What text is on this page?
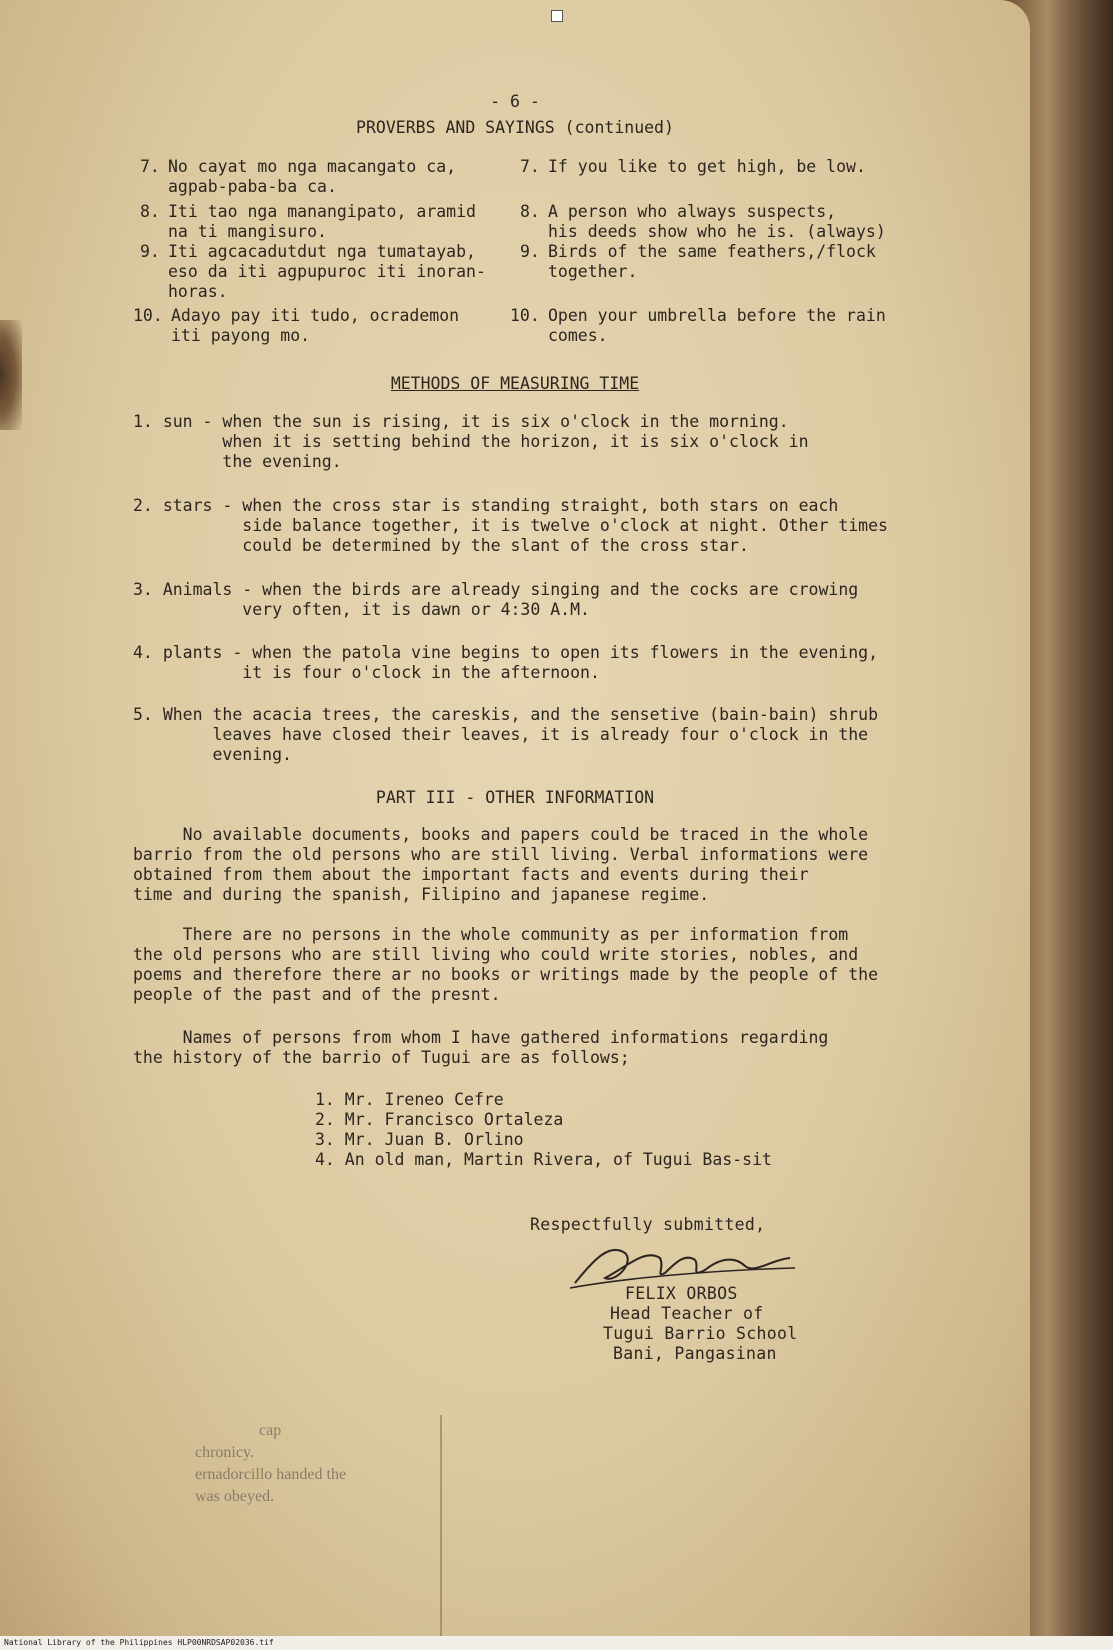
- 6 -
PROVERBS AND SAYINGS (continued)
7. No cayat mo nga macangato ca,
agpab-paba-ba ca.
8. Iti tao nga manangipato, aramid
na ti mangisuro.
9. Iti agcacadutdut nga tumatayab,
eso da iti agpupuroc iti inoran-
horas.
10. Adayo pay iti tudo, ocrademon
iti payong mo.
7. If you like to get high, be low.
8. A person who always suspects,
his deeds show who he is. (always)
9. Birds of the same feathers,/flock
together.
10. Open your umbrella before the rain
comes.
METHODS OF MEASURING TIME
1. sun - when the sun is rising, it is six o'clock in the morning.
when it is setting behind the horizon, it is six o'clock in
the evening.
2. stars - when the cross star is standing straight, both stars on each
side balance together, it is twelve o'clock at night. Other times
could be determined by the slant of the cross star.
3. Animals - when the birds are already singing and the cocks are crowing
very often, it is dawn or 4:30 A.M.
4. plants - when the patola vine begins to open its flowers in the evening,
it is four o'clock in the afternoon.
5. When the acacia trees, the careskis, and the sensetive (bain-bain) shrub
leaves have closed their leaves, it is already four o'clock in the
evening.
PART III - OTHER INFORMATION
No available documents, books and papers could be traced in the whole
barrio from the old persons who are still living. Verbal informations were
obtained from them about the important facts and events during their
time and during the spanish, Filipino and japanese regime.
There are no persons in the whole community as per information from
the old persons who are still living who could write stories, nobles, and
poems and therefore there ar no books or writings made by the people of the
people of the past and of the presnt.
Names of persons from whom I have gathered informations regarding
the history of the barrio of Tugui are as follows;
1. Mr. Ireneo Cefre
2. Mr. Francisco Ortaleza
3. Mr. Juan B. Orlino
4. An old man, Martin Rivera, of Tugui Bas-sit
Respectfully submitted,
FELIX ORBOS
Head Teacher of
Tugui Barrio School
Bani, Pangasinan
cap
chronicy.
ernadorcillo handed the
was obeyed.
National Library of the Philippines HLP00NRDSAP02036.tif
